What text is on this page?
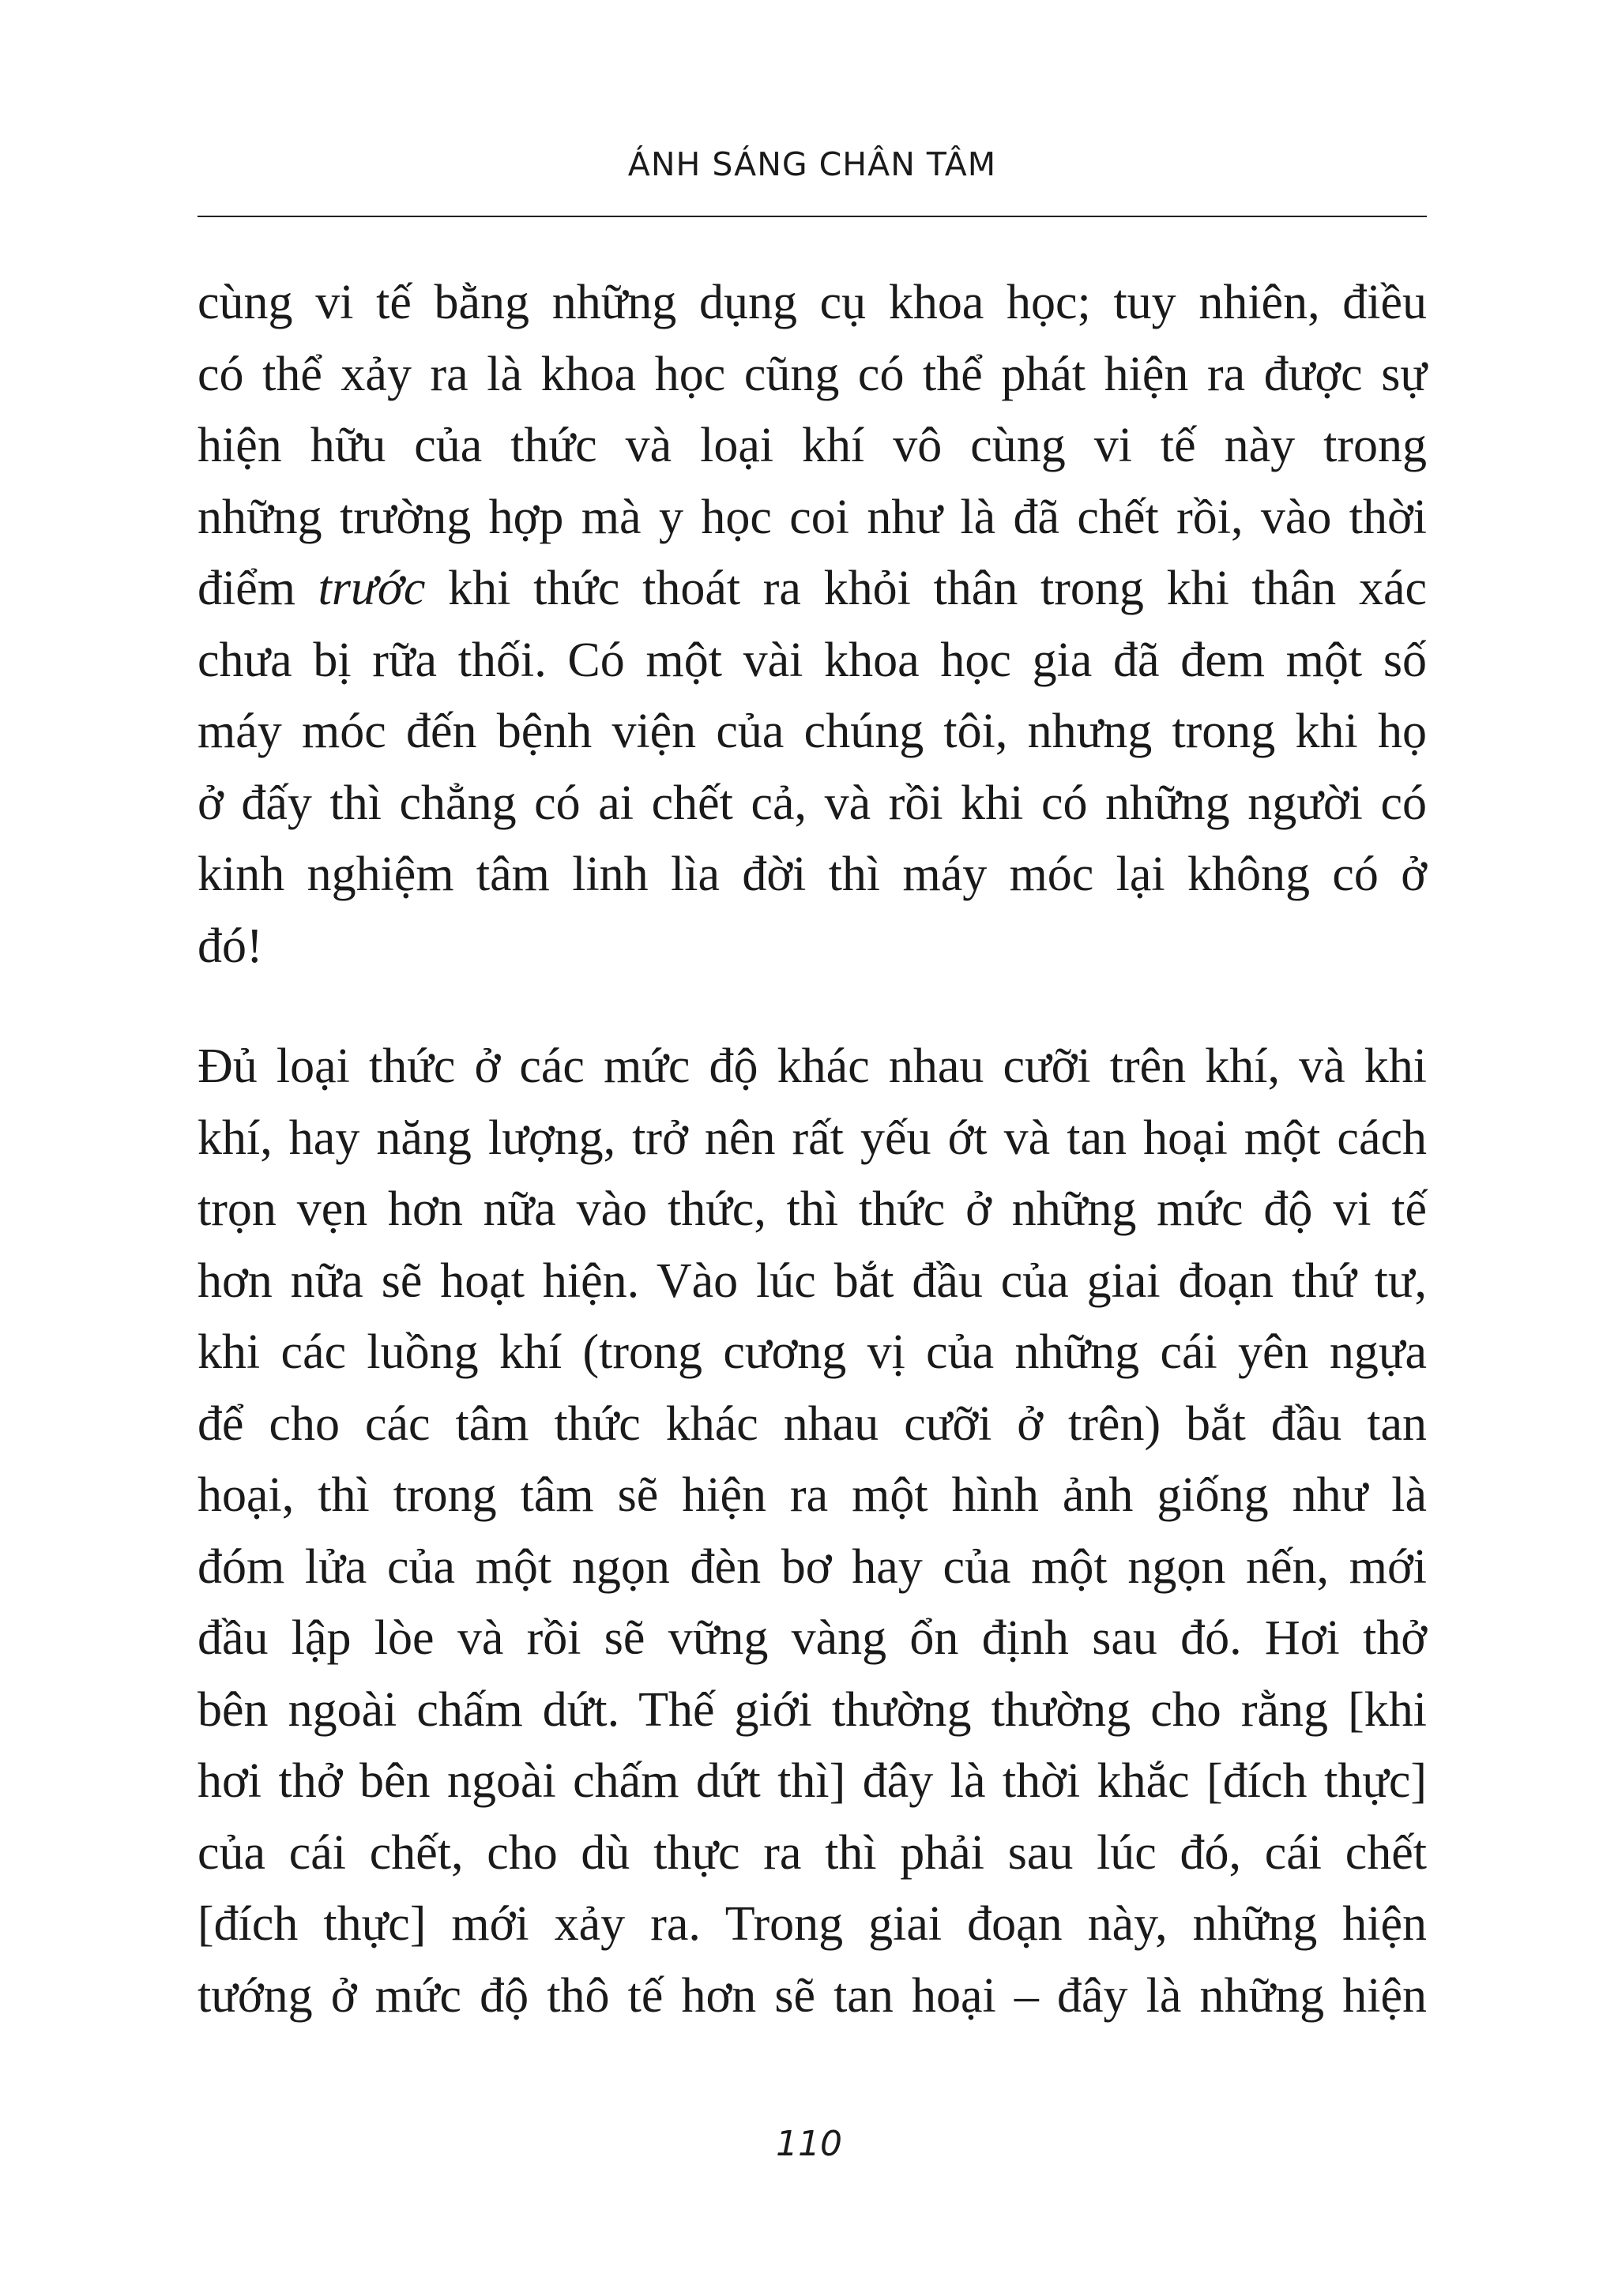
ÁNH SÁNG CHÂN TÂM
cùng vi tế bằng những dụng cụ khoa học; tuy nhiên, điều
có thể xảy ra là khoa học cũng có thể phát hiện ra được sự
hiện hữu của thức và loại khí vô cùng vi tế này trong
những trường hợp mà y học coi như là đã chết rồi, vào thời
điểm trước khi thức thoát ra khỏi thân trong khi thân xác
chưa bị rữa thối. Có một vài khoa học gia đã đem một số
máy móc đến bệnh viện của chúng tôi, nhưng trong khi họ
ở đấy thì chẳng có ai chết cả, và rồi khi có những người có
kinh nghiệm tâm linh lìa đời thì máy móc lại không có ở
đó!
Đủ loại thức ở các mức độ khác nhau cưỡi trên khí, và khi
khí, hay năng lượng, trở nên rất yếu ớt và tan hoại một cách
trọn vẹn hơn nữa vào thức, thì thức ở những mức độ vi tế
hơn nữa sẽ hoạt hiện. Vào lúc bắt đầu của giai đoạn thứ tư,
khi các luồng khí (trong cương vị của những cái yên ngựa
để cho các tâm thức khác nhau cưỡi ở trên) bắt đầu tan
hoại, thì trong tâm sẽ hiện ra một hình ảnh giống như là
đóm lửa của một ngọn đèn bơ hay của một ngọn nến, mới
đầu lập lòe và rồi sẽ vững vàng ổn định sau đó. Hơi thở
bên ngoài chấm dứt. Thế giới thường thường cho rằng [khi
hơi thở bên ngoài chấm dứt thì] đây là thời khắc [đích thực]
của cái chết, cho dù thực ra thì phải sau lúc đó, cái chết
[đích thực] mới xảy ra. Trong giai đoạn này, những hiện
tướng ở mức độ thô tế hơn sẽ tan hoại – đây là những hiện
110
